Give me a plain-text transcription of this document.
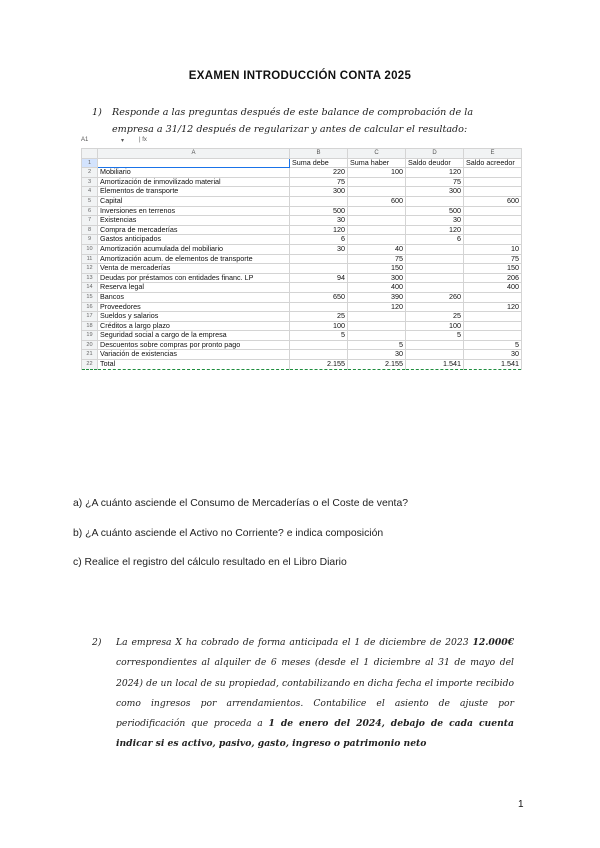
EXAMEN INTRODUCCIÓN CONTA 2025
1) Responde a las preguntas después de este balance de comprobación de la empresa a 31/12 después de regularizar y antes de calcular el resultado:
A1	▾ | fx
	A	B	C	D	E
1		Suma debe	Suma haber	Saldo deudor	Saldo acreedor
2	Mobiliario	220	100	120	
3	Amortización de inmovilizado material	75		75	
4	Elementos de transporte	300		300	
5	Capital		600		600
6	Inversiones en terrenos	500		500	
7	Existencias	30		30	
8	Compra de mercaderías	120		120	
9	Gastos anticipados	6		6	
10	Amortización acumulada del mobiliario	30	40		10
11	Amortización acum. de elementos de transporte		75		75
12	Venta de mercaderías		150		150
13	Deudas por préstamos con entidades financ. LP	94	300		206
14	Reserva legal		400		400
15	Bancos	650	390	260	
16	Proveedores		120		120
17	Sueldos y salarios	25		25	
18	Créditos a largo plazo	100		100	
19	Seguridad social a cargo de la empresa	5		5	
20	Descuentos sobre compras por pronto pago		5		5
21	Variación de existencias		30		30
22	Total	2.155	2.155	1.541	1.541
a) ¿A cuánto asciende el Consumo de Mercaderías o el Coste de venta?
b) ¿A cuánto asciende el Activo no Corriente? e indica composición
c) Realice el registro del cálculo resultado en el Libro Diario
2) La empresa X ha cobrado de forma anticipada el 1 de diciembre de 2023 12.000€ correspondientes al alquiler de 6 meses (desde el 1 diciembre al 31 de mayo del 2024) de un local de su propiedad, contabilizando en dicha fecha el importe recibido como ingresos por arrendamientos. Contabilice el asiento de ajuste por periodificación que proceda a 1 de enero del 2024, debajo de cada cuenta indicar si es activo, pasivo, gasto, ingreso o patrimonio neto
1
